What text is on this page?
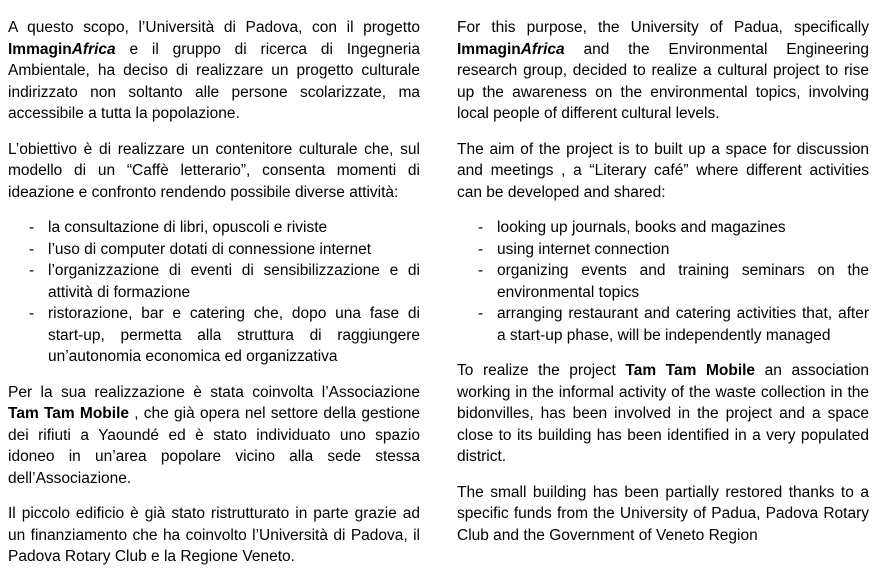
A questo scopo, l’Università di Padova, con il progetto ImmaginAfrica e il gruppo di ricerca di Ingegneria Ambientale, ha deciso di realizzare un progetto culturale indirizzato non soltanto alle persone scolarizzate, ma accessibile a tutta la popolazione.

L’obiettivo è di realizzare un contenitore culturale che, sul modello di un “Caffè letterario”, consenta momenti di ideazione e confronto rendendo possibile diverse attività:

- la consultazione di libri, opuscoli e riviste
- l’uso di computer dotati di connessione internet
- l’organizzazione di eventi di sensibilizzazione e di attività di formazione
- ristorazione, bar e catering che, dopo una fase di start-up, permetta alla struttura di raggiungere un’autonomia economica ed organizzativa

Per la sua realizzazione è stata coinvolta l’Associazione Tam Tam Mobile , che già opera nel settore della gestione dei rifiuti a Yaoundé ed è stato individuato uno spazio idoneo in un’area popolare vicino alla sede stessa dell’Associazione.

Il piccolo edificio è già stato ristrutturato in parte grazie ad un finanziamento che ha coinvolto l’Università di Padova, il Padova Rotary Club e la Regione Veneto.

For this purpose, the University of Padua, specifically ImmaginAfrica and the Environmental Engineering research group, decided to realize a cultural project to rise up the awareness on the environmental topics, involving local people of different cultural levels.

The aim of the project is to built up a space for discussion and meetings , a “Literary café” where different activities can be developed and shared:

- looking up journals, books and magazines
- using internet connection
- organizing events and training seminars on the environmental topics
- arranging restaurant and catering activities that, after a start-up phase, will be independently managed

To realize the project Tam Tam Mobile an association working in the informal activity of the waste collection in the bidonvilles, has been involved in the project and a space close to its building has been identified in a very populated district.

The small building has been partially restored thanks to a specific funds from the University of Padua, Padova Rotary Club and the Government of Veneto Region
